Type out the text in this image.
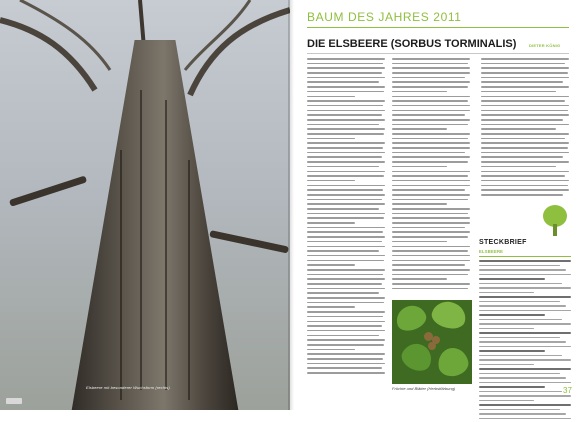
Elsbeere mit besonderer Wuchsform (rechts)
BAUM DES JAHRES 2011
DIE ELSBEERE (SORBUS TORMINALIS)	DIETER KÖNIG
Früchte und Blätter (Herbstfärbung)
STECKBRIEF
ELSBEERE
37
